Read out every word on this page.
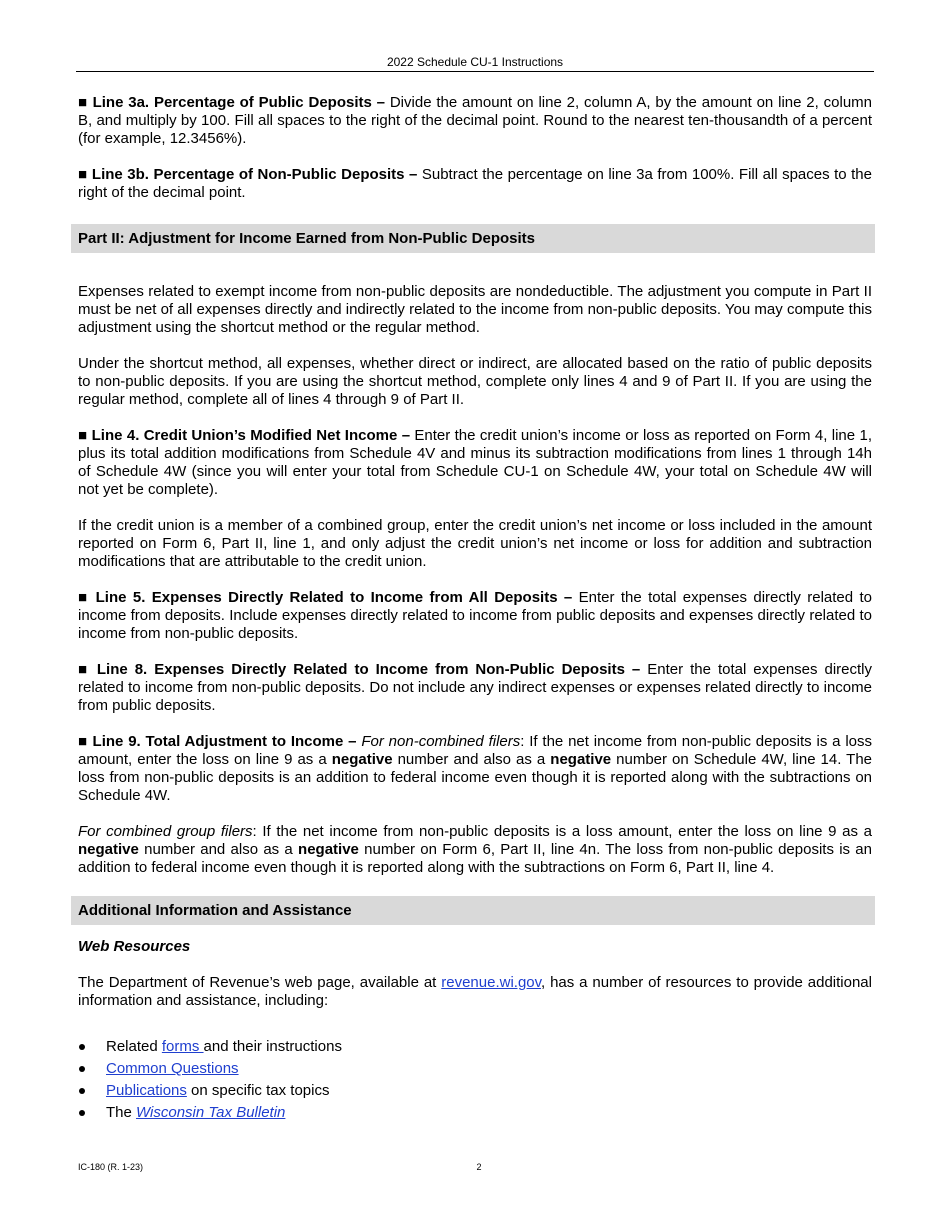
2022 Schedule CU-1 Instructions

■ Line 3a. Percentage of Public Deposits – Divide the amount on line 2, column A, by the amount on line 2, column B, and multiply by 100. Fill all spaces to the right of the decimal point. Round to the nearest ten-thousandth of a percent (for example, 12.3456%).

■ Line 3b. Percentage of Non-Public Deposits – Subtract the percentage on line 3a from 100%. Fill all spaces to the right of the decimal point.

Part II: Adjustment for Income Earned from Non-Public Deposits

Expenses related to exempt income from non-public deposits are nondeductible. The adjustment you compute in Part II must be net of all expenses directly and indirectly related to the income from non-public deposits. You may compute this adjustment using the shortcut method or the regular method.

Under the shortcut method, all expenses, whether direct or indirect, are allocated based on the ratio of public deposits to non-public deposits. If you are using the shortcut method, complete only lines 4 and 9 of Part II. If you are using the regular method, complete all of lines 4 through 9 of Part II.

■ Line 4. Credit Union’s Modified Net Income – Enter the credit union’s income or loss as reported on Form 4, line 1, plus its total addition modifications from Schedule 4V and minus its subtraction modifications from lines 1 through 14h of Schedule 4W (since you will enter your total from Schedule CU-1 on Schedule 4W, your total on Schedule 4W will not yet be complete).

If the credit union is a member of a combined group, enter the credit union’s net income or loss included in the amount reported on Form 6, Part II, line 1, and only adjust the credit union’s net income or loss for addition and subtraction modifications that are attributable to the credit union.

■ Line 5. Expenses Directly Related to Income from All Deposits – Enter the total expenses directly related to income from deposits. Include expenses directly related to income from public deposits and expenses directly related to income from non-public deposits.

■ Line 8. Expenses Directly Related to Income from Non-Public Deposits – Enter the total expenses directly related to income from non-public deposits. Do not include any indirect expenses or expenses related directly to income from public deposits.

■ Line 9. Total Adjustment to Income – For non-combined filers: If the net income from non-public deposits is a loss amount, enter the loss on line 9 as a negative number and also as a negative number on Schedule 4W, line 14. The loss from non-public deposits is an addition to federal income even though it is reported along with the subtractions on Schedule 4W.

For combined group filers: If the net income from non-public deposits is a loss amount, enter the loss on line 9 as a negative number and also as a negative number on Form 6, Part II, line 4n. The loss from non-public deposits is an addition to federal income even though it is reported along with the subtractions on Form 6, Part II, line 4.

Additional Information and Assistance
Web Resources

The Department of Revenue’s web page, available at revenue.wi.gov, has a number of resources to provide additional information and assistance, including:

Related forms and their instructions
Common Questions
Publications on specific tax topics
The Wisconsin Tax Bulletin
IC-180 (R. 1-23)	2
